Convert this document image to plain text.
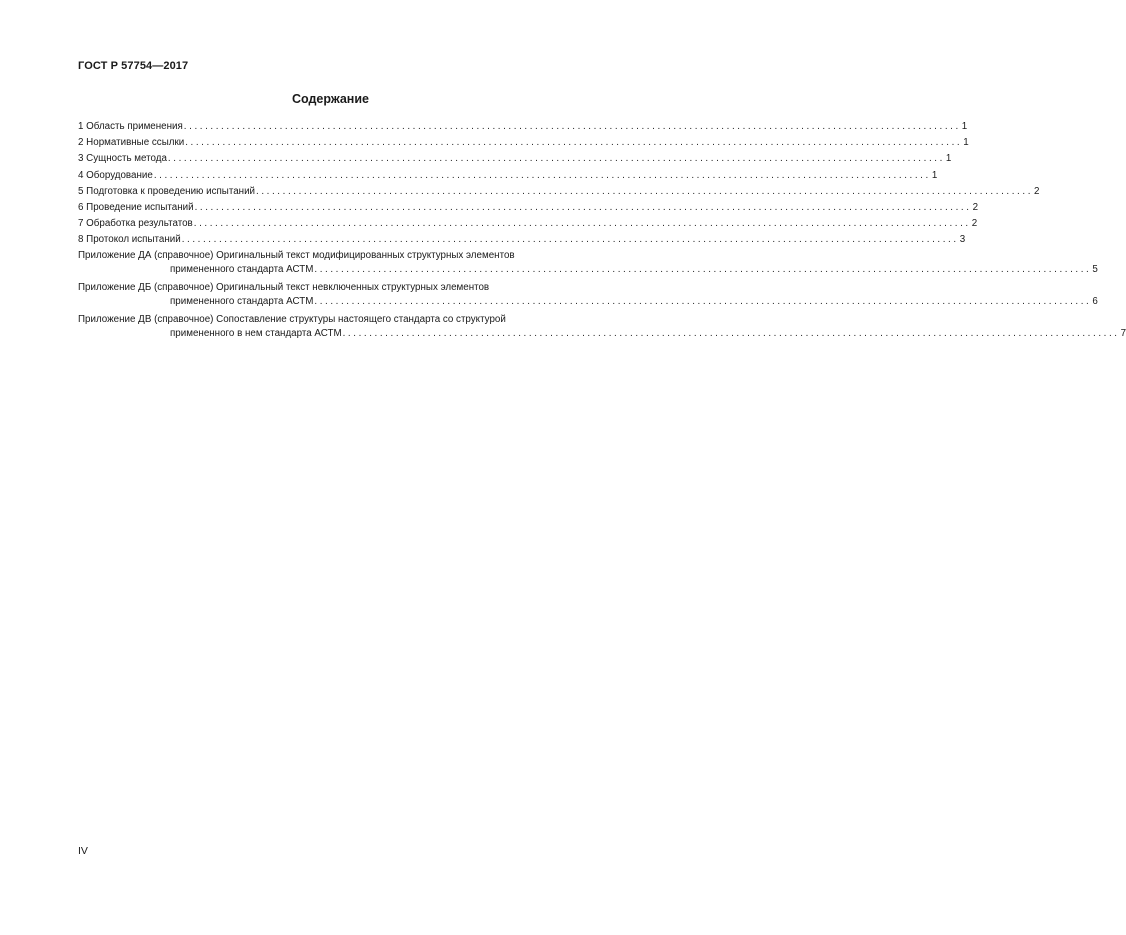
ГОСТ Р 57754—2017
Содержание
1 Область применения .................................................................................................................................................. 1
2 Нормативные ссылки .................................................................................................................................................. 1
3 Сущность метода .................................................................................................................................................. 1
4 Оборудование .................................................................................................................................................. 1
5 Подготовка к проведению испытаний .................................................................................................................................................. 2
6 Проведение испытаний .................................................................................................................................................. 2
7 Обработка результатов .................................................................................................................................................. 2
8 Протокол испытаний .................................................................................................................................................. 3
Приложение ДА (справочное) Оригинальный текст модифицированных структурных элементов
примененного стандарта АСТМ .................................................................................................................................................. 5
Приложение ДБ (справочное) Оригинальный текст невключенных структурных элементов
примененного стандарта АСТМ .................................................................................................................................................. 6
Приложение ДВ (справочное) Сопоставление структуры настоящего стандарта со структурой
примененного в нем стандарта АСТМ .................................................................................................................................................. 7
IV
